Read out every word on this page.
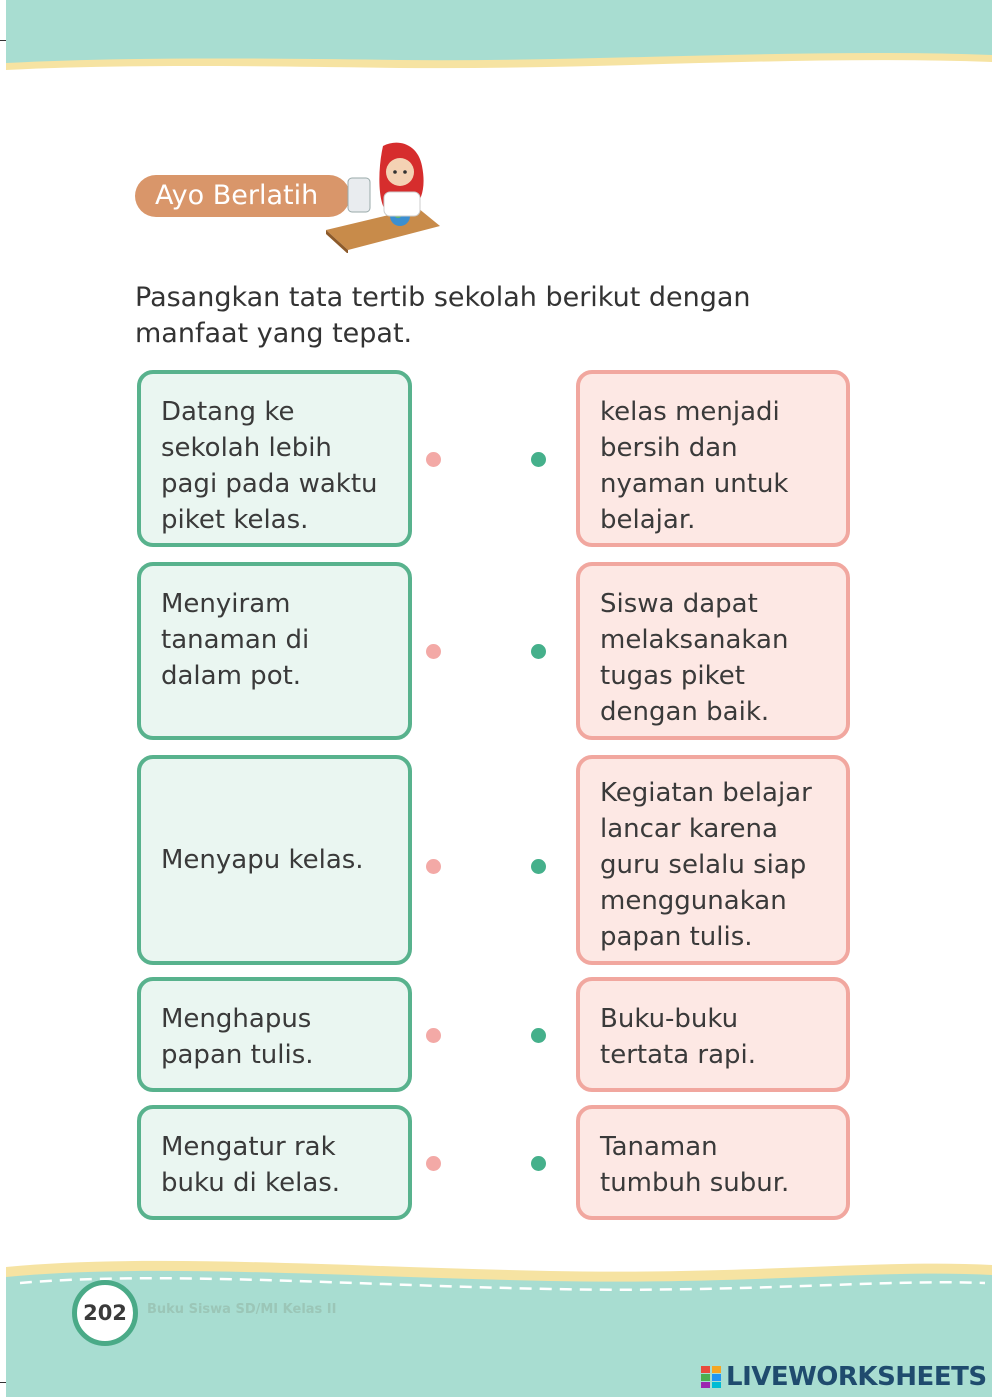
Ayo Berlatih
Pasangkan tata tertib sekolah berikut dengan manfaat yang tepat.
Datang ke
sekolah lebih
pagi pada waktu
piket kelas.
Menyiram
tanaman di
dalam pot.
Menyapu kelas.
Menghapus
papan tulis.
Mengatur rak
buku di kelas.
kelas menjadi
bersih dan
nyaman untuk
belajar.
Siswa dapat
melaksanakan
tugas piket
dengan baik.
Kegiatan belajar
lancar karena
guru selalu siap
menggunakan
papan tulis.
Buku-buku
tertata rapi.
Tanaman
tumbuh subur.
202	Buku Siswa SD/MI Kelas II
LIVEWORKSHEETS
